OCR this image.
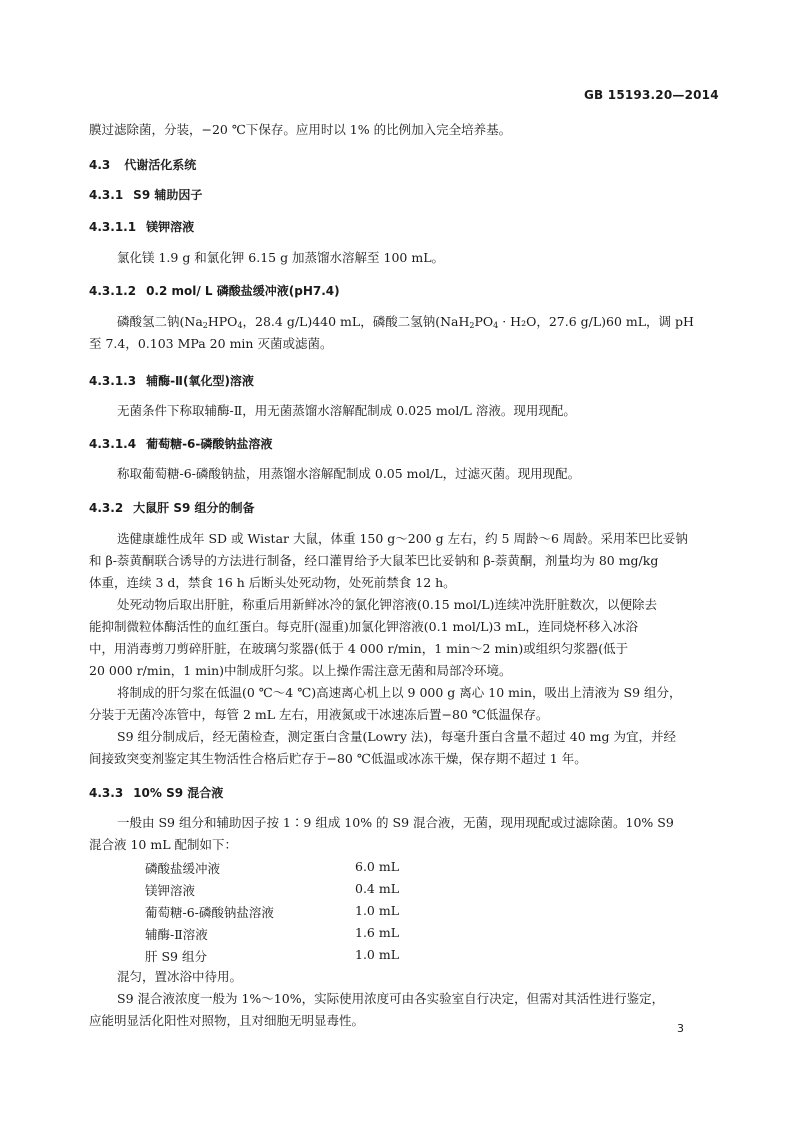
GB 15193.20—2014
膜过滤除菌，分装，−20 ℃下保存。应用时以 1% 的比例加入完全培养基。
4.3 代谢活化系统
4.3.1 S9 辅助因子
4.3.1.1 镁钾溶液
氯化镁 1.9 g 和氯化钾 6.15 g 加蒸馏水溶解至 100 mL。
4.3.1.2 0.2 mol/ L 磷酸盐缓冲液(pH7.4)
磷酸氢二钠($Na_2HPO_4$，28.4 g/L)440 mL，磷酸二氢钠($NaH_2PO_4 \cdot H_2O$，27.6 g/L)60 mL，调 pH
至 7.4，0.103 MPa 20 min 灭菌或滤菌。
4.3.1.3 辅酶-Ⅱ(氧化型)溶液
无菌条件下称取辅酶-Ⅱ，用无菌蒸馏水溶解配制成 0.025 mol/L 溶液。现用现配。
4.3.1.4 葡萄糖-6-磷酸钠盐溶液
称取葡萄糖-6-磷酸钠盐，用蒸馏水溶解配制成 0.05 mol/L，过滤灭菌。现用现配。
4.3.2 大鼠肝 S9 组分的制备
选健康雄性成年 SD 或 Wistar 大鼠，体重 150 g～200 g 左右，约 5 周龄～6 周龄。采用苯巴比妥钠
和 β-萘黄酮联合诱导的方法进行制备，经口灌胃给予大鼠苯巴比妥钠和 β-萘黄酮，剂量均为 80 mg/kg
体重，连续 3 d，禁食 16 h 后断头处死动物，处死前禁食 12 h。
处死动物后取出肝脏，称重后用新鲜冰冷的氯化钾溶液(0.15 mol/L)连续冲洗肝脏数次，以便除去
能抑制微粒体酶活性的血红蛋白。每克肝(湿重)加氯化钾溶液(0.1 mol/L)3 mL，连同烧杯移入冰浴
中，用消毒剪刀剪碎肝脏，在玻璃匀浆器(低于 4 000 r/min，1 min～2 min)或组织匀浆器(低于
20 000 r/min，1 min)中制成肝匀浆。以上操作需注意无菌和局部冷环境。
将制成的肝匀浆在低温(0 ℃～4 ℃)高速离心机上以 9 000 g 离心 10 min，吸出上清液为 S9 组分，
分装于无菌冷冻管中，每管 2 mL 左右，用液氮或干冰速冻后置−80 ℃低温保存。
S9 组分制成后，经无菌检查，测定蛋白含量(Lowry 法)，每毫升蛋白含量不超过 40 mg 为宜，并经
间接致突变剂鉴定其生物活性合格后贮存于−80 ℃低温或冰冻干燥，保存期不超过 1 年。
4.3.3 10% S9 混合液
一般由 S9 组分和辅助因子按 1∶9 组成 10% 的 S9 混合液，无菌，现用现配或过滤除菌。10% S9
混合液 10 mL 配制如下：
磷酸盐缓冲液	6.0 mL
镁钾溶液	0.4 mL
葡萄糖-6-磷酸钠盐溶液	1.0 mL
辅酶-Ⅱ溶液	1.6 mL
肝 S9 组分	1.0 mL
混匀，置冰浴中待用。
S9 混合液浓度一般为 1%～10%，实际使用浓度可由各实验室自行决定，但需对其活性进行鉴定，
应能明显活化阳性对照物，且对细胞无明显毒性。
3
